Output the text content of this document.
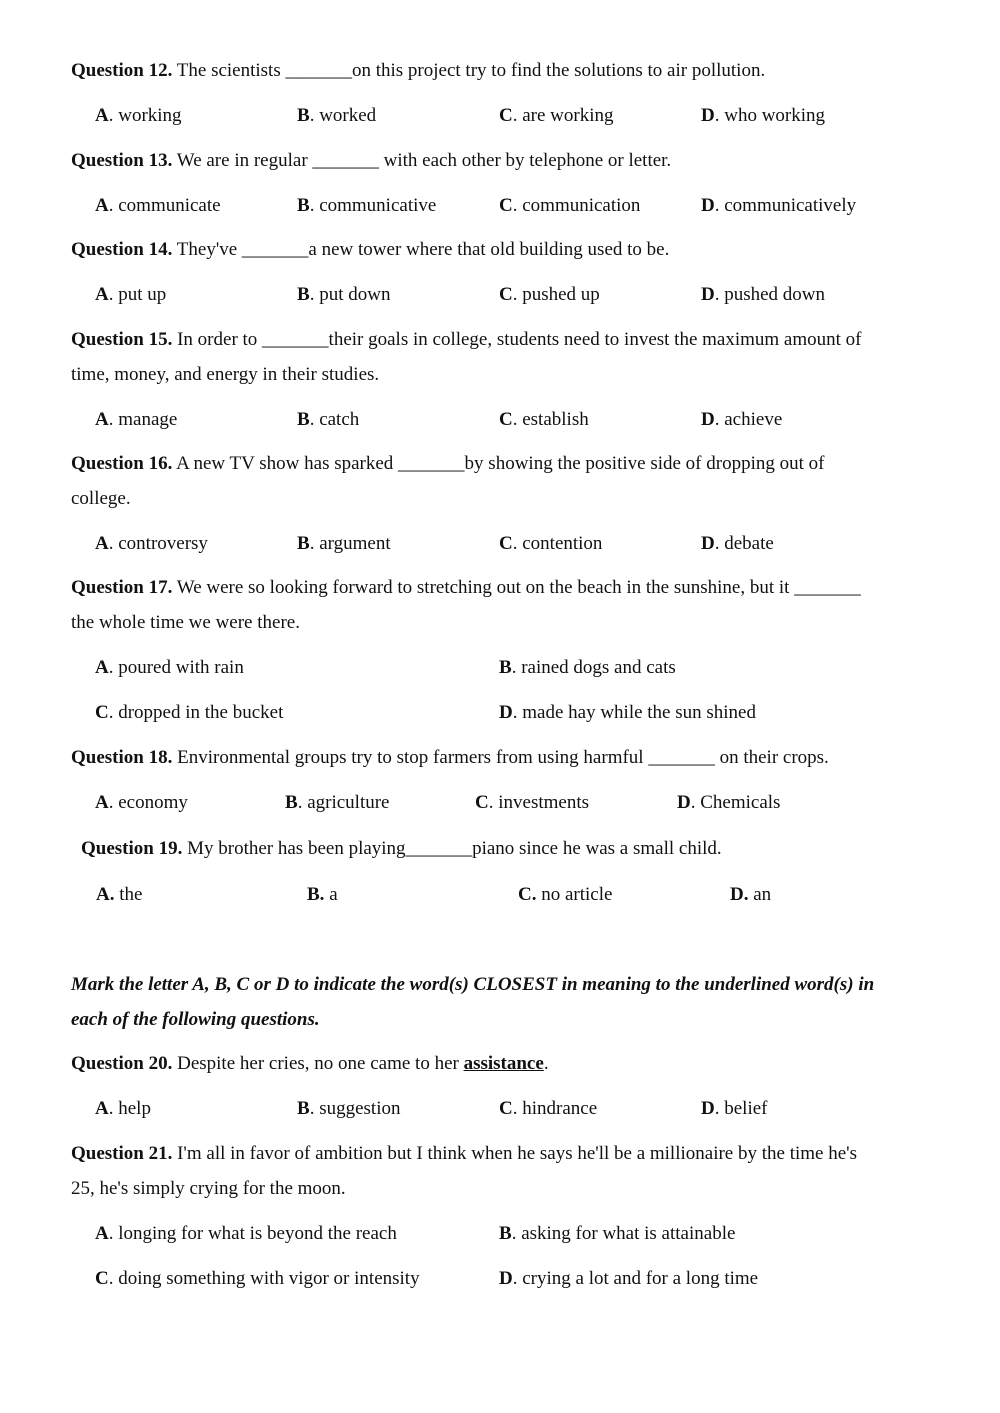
Question 12. The scientists _______on this project try to find the solutions to air pollution.
A. working	B. worked	C. are working	D. who working
Question 13. We are in regular _______ with each other by telephone or letter.
A. communicate	B. communicative	C. communication	D. communicatively
Question 14. They've _______a new tower where that old building used to be.
A. put up	B. put down	C. pushed up	D. pushed down
Question 15. In order to _______their goals in college, students need to invest the maximum amount of
time, money, and energy in their studies.
A. manage	B. catch	C. establish	D. achieve
Question 16. A new TV show has sparked _______by showing the positive side of dropping out of
college.
A. controversy	B. argument	C. contention	D. debate
Question 17. We were so looking forward to stretching out on the beach in the sunshine, but it _______
the whole time we were there.
A. poured with rain	B. rained dogs and cats
C. dropped in the bucket	D. made hay while the sun shined
Question 18. Environmental groups try to stop farmers from using harmful _______ on their crops.
A. economy	B. agriculture	C. investments	D. Chemicals
Question 19. My brother has been playing_______piano since he was a small child.
A. the	B. a	C. no article	D. an
Mark the letter A, B, C or D to indicate the word(s) CLOSEST in meaning to the underlined word(s) in
each of the following questions.
Question 20. Despite her cries, no one came to her assistance.
A. help	B. suggestion	C. hindrance	D. belief
Question 21. I'm all in favor of ambition but I think when he says he'll be a millionaire by the time he's
25, he's simply crying for the moon.
A. longing for what is beyond the reach	B. asking for what is attainable
C. doing something with vigor or intensity	D. crying a lot and for a long time
